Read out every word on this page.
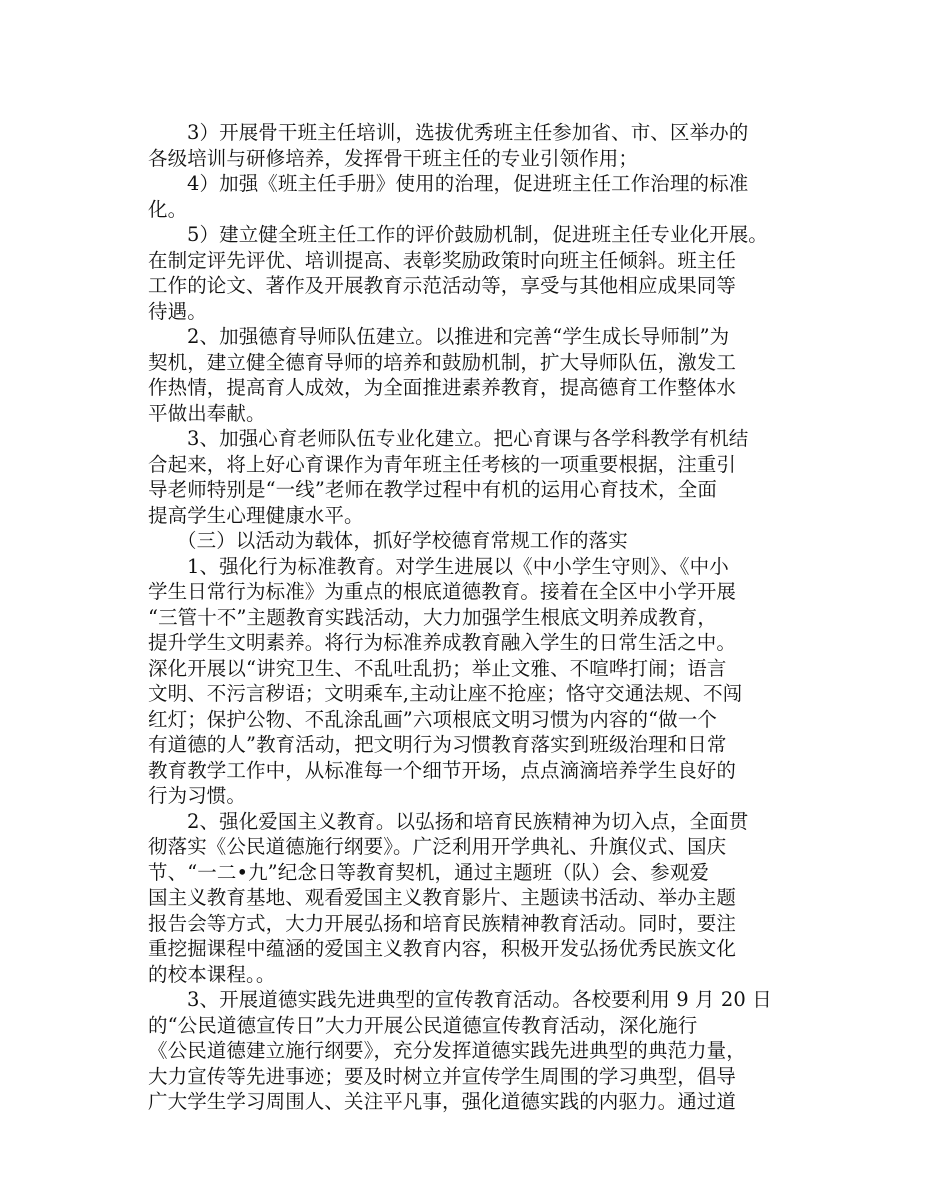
3）开展骨干班主任培训，选拔优秀班主任参加省、市、区举办的
各级培训与研修培养，发挥骨干班主任的专业引领作用；
4）加强《班主任手册》使用的治理，促进班主任工作治理的标准
化。
5）建立健全班主任工作的评价鼓励机制，促进班主任专业化开展。
在制定评先评优、培训提高、表彰奖励政策时向班主任倾斜。班主任
工作的论文、著作及开展教育示范活动等，享受与其他相应成果同等
待遇。
2、加强德育导师队伍建立。以推进和完善“学生成长导师制”为
契机，建立健全德育导师的培养和鼓励机制，扩大导师队伍，激发工
作热情，提高育人成效，为全面推进素养教育，提高德育工作整体水
平做出奉献。
3、加强心育老师队伍专业化建立。把心育课与各学科教学有机结
合起来，将上好心育课作为青年班主任考核的一项重要根据，注重引
导老师特别是“一线”老师在教学过程中有机的运用心育技术，全面
提高学生心理健康水平。
（三）以活动为载体，抓好学校德育常规工作的落实
1、强化行为标准教育。对学生进展以《中小学生守则》、《中小
学生日常行为标准》为重点的根底道德教育。接着在全区中小学开展
“三管十不”主题教育实践活动，大力加强学生根底文明养成教育，
提升学生文明素养。将行为标准养成教育融入学生的日常生活之中。
深化开展以“讲究卫生、不乱吐乱扔；举止文雅、不喧哗打闹；语言
文明、不污言秽语；文明乘车,主动让座不抢座；恪守交通法规、不闯
红灯；保护公物、不乱涂乱画”六项根底文明习惯为内容的“做一个
有道德的人”教育活动，把文明行为习惯教育落实到班级治理和日常
教育教学工作中，从标准每一个细节开场，点点滴滴培养学生良好的
行为习惯。
2、强化爱国主义教育。以弘扬和培育民族精神为切入点，全面贯
彻落实《公民道德施行纲要》。广泛利用开学典礼、升旗仪式、国庆
节、“一二•九”纪念日等教育契机，通过主题班（队）会、参观爱
国主义教育基地、观看爱国主义教育影片、主题读书活动、举办主题
报告会等方式，大力开展弘扬和培育民族精神教育活动。同时，要注
重挖掘课程中蕴涵的爱国主义教育内容，积极开发弘扬优秀民族文化
的校本课程。。
3、开展道德实践先进典型的宣传教育活动。各校要利用 9 月 20 日
的“公民道德宣传日”大力开展公民道德宣传教育活动，深化施行
《公民道德建立施行纲要》，充分发挥道德实践先进典型的典范力量，
大力宣传等先进事迹；要及时树立并宣传学生周围的学习典型，倡导
广大学生学习周围人、关注平凡事，强化道德实践的内驱力。通过道
